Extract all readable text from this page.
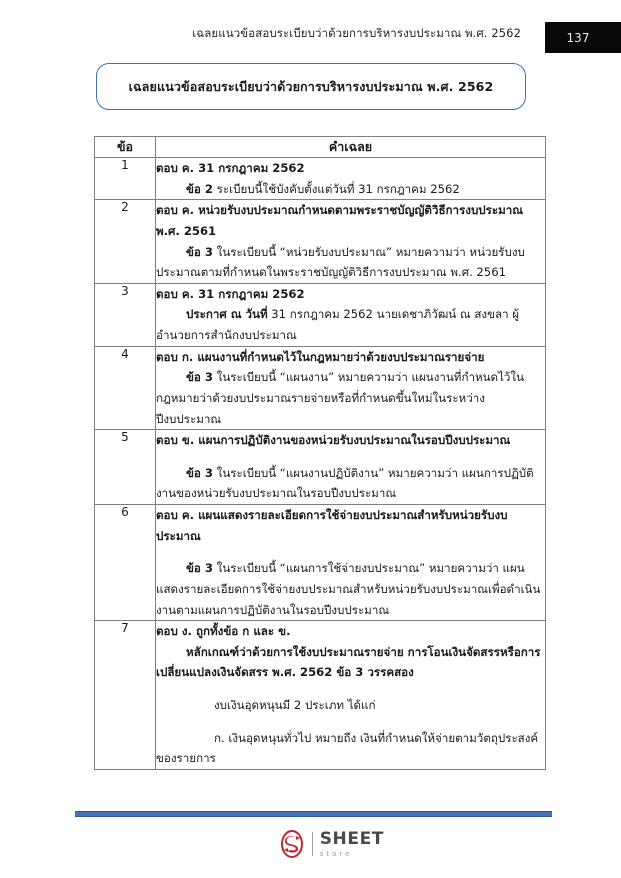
เฉลยแนวข้อสอบระเบียบว่าด้วยการบริหารงบประมาณ พ.ศ. 2562	137
เฉลยแนวข้อสอบระเบียบว่าด้วยการบริหารงบประมาณ พ.ศ. 2562
ข้อ	คำเฉลย
1	ตอบ ค. 31 กรกฎาคม 2562

ข้อ 2 ระเบียบนี้ใช้บังคับตั้งแต่วันที่ 31 กรกฎาคม 2562

2	ตอบ ค. หน่วยรับงบประมาณกำหนดตามพระราชบัญญัติวิธีการงบประมาณ พ.ศ. 2561

ข้อ 3 ในระเบียบนี้ “หน่วยรับงบประมาณ” หมายความว่า หน่วยรับงบประมาณตามที่กำหนดในพระราชบัญญัติวิธีการงบประมาณ พ.ศ. 2561

3	ตอบ ค. 31 กรกฎาคม 2562

ประกาศ ณ วันที่ 31 กรกฎาคม 2562 นายเดชาภิวัฒน์ ณ สงขลา ผู้อำนวยการสำนักงบประมาณ

4	ตอบ ก. แผนงานที่กำหนดไว้ในกฎหมายว่าด้วยงบประมาณรายจ่าย

ข้อ 3 ในระเบียบนี้ “แผนงาน” หมายความว่า แผนงานที่กำหนดไว้ในกฎหมายว่าด้วยงบประมาณรายจ่ายหรือที่กำหนดขึ้นใหม่ในระหว่างปีงบประมาณ

5	ตอบ ข. แผนการปฏิบัติงานของหน่วยรับงบประมาณในรอบปีงบประมาณ

ข้อ 3 ในระเบียบนี้ “แผนงานปฏิบัติงาน” หมายความว่า แผนการปฏิบัติงานของหน่วยรับงบประมาณในรอบปีงบประมาณ

6	ตอบ ค. แผนแสดงรายละเอียดการใช้จ่ายงบประมาณสำหรับหน่วยรับงบประมาณ

ข้อ 3 ในระเบียบนี้ “แผนการใช้จ่ายงบประมาณ” หมายความว่า แผนแสดงรายละเอียดการใช้จ่ายงบประมาณสำหรับหน่วยรับงบประมาณเพื่อดำเนินงานตามแผนการปฏิบัติงานในรอบปีงบประมาณ

7	ตอบ ง. ถูกทั้งข้อ ก และ ข.

หลักเกณฑ์ว่าด้วยการใช้งบประมาณรายจ่าย การโอนเงินจัดสรรหรือการเปลี่ยนแปลงเงินจัดสรร พ.ศ. 2562 ข้อ 3 วรรคสอง

งบเงินอุดหนุนมี 2 ประเภท ได้แก่

ก. เงินอุดหนุนทั่วไป หมายถึง เงินที่กำหนดให้จ่ายตามวัตถุประสงค์ของรายการ

SHEET
store
